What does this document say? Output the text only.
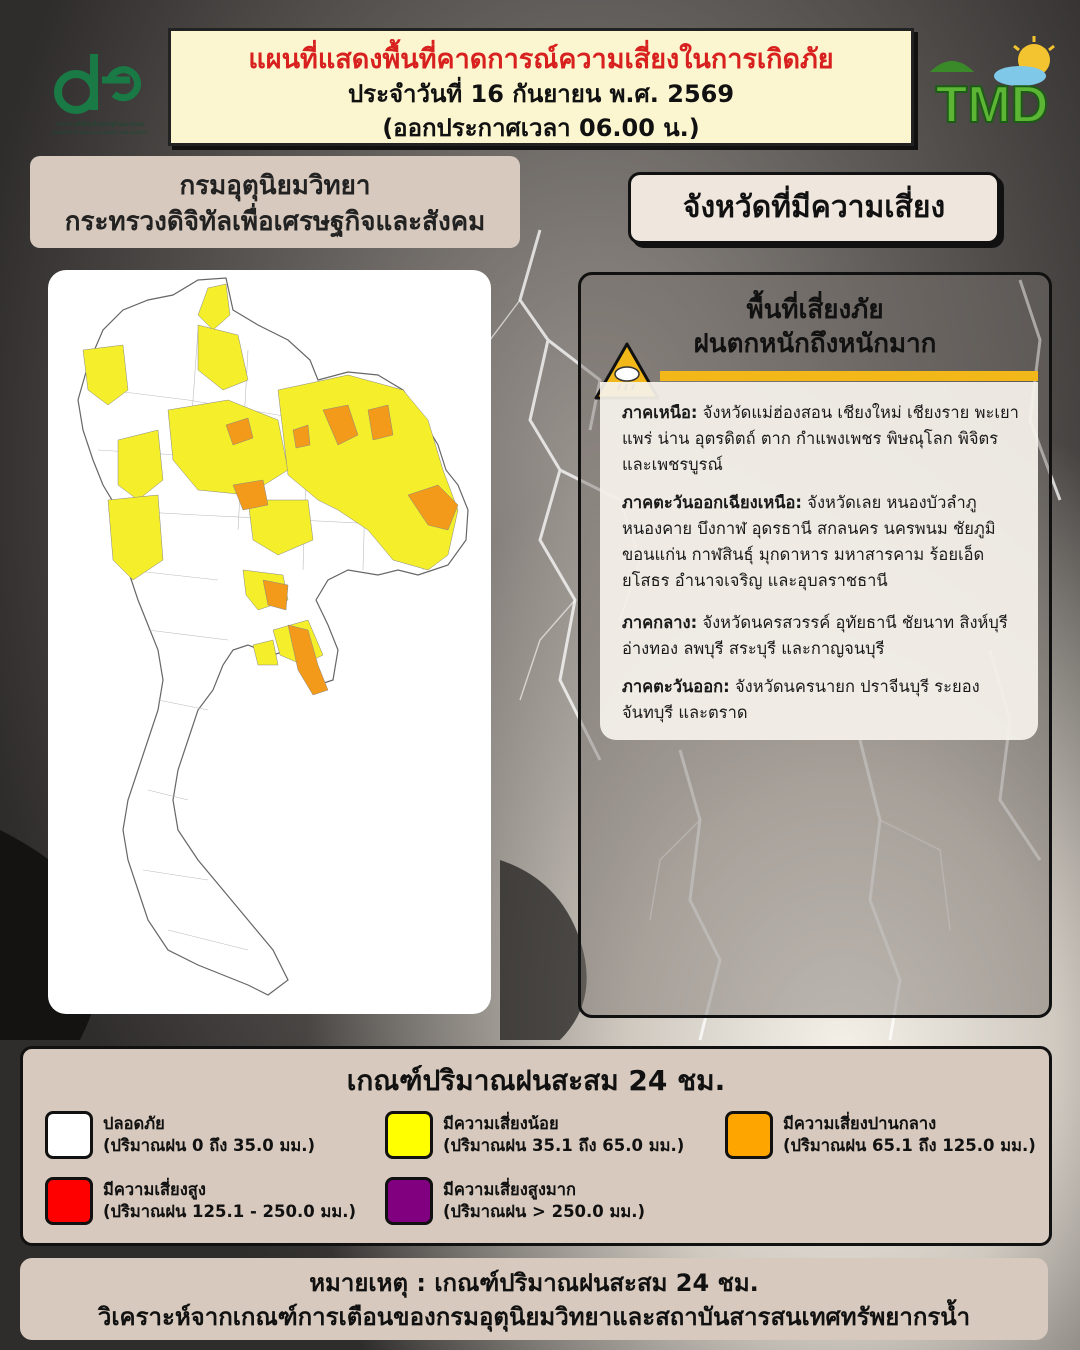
กระทรวงดิจิทัลเพื่อเศรษฐกิจและสังคม
MINISTRY OF DIGITAL ECONOMY AND SOCIETY
แผนที่แสดงพื้นที่คาดการณ์ความเสี่ยงในการเกิดภัย
ประจำวันที่ 16 กันยายน พ.ศ. 2569
(ออกประกาศเวลา 06.00 น.)	TMD
กรมอุตุนิยมวิทยา
กระทรวงดิจิทัลเพื่อเศรษฐกิจและสังคม	จังหวัดที่มีความเสี่ยง
พื้นที่เสี่ยงภัย
ฝนตกหนักถึงหนักมาก

ภาคเหนือ: จังหวัดแม่ฮ่องสอน เชียงใหม่ เชียงราย พะเยา แพร่ น่าน อุตรดิตถ์ ตาก กำแพงเพชร พิษณุโลก พิจิตร และเพชรบูรณ์

ภาคตะวันออกเฉียงเหนือ: จังหวัดเลย หนองบัวลำภู หนองคาย บึงกาฬ อุดรธานี สกลนคร นครพนม ชัยภูมิ ขอนแก่น กาฬสินธุ์ มุกดาหาร มหาสารคาม ร้อยเอ็ด ยโสธร อำนาจเจริญ และอุบลราชธานี

ภาคกลาง: จังหวัดนครสวรรค์ อุทัยธานี ชัยนาท สิงห์บุรี อ่างทอง ลพบุรี สระบุรี และกาญจนบุรี

ภาคตะวันออก: จังหวัดนครนายก ปราจีนบุรี ระยอง จันทบุรี และตราด

เกณฑ์ปริมาณฝนสะสม 24 ชม.
ปลอดภัย
(ปริมาณฝน 0 ถึง 35.0 มม.)
มีความเสี่ยงน้อย
(ปริมาณฝน 35.1 ถึง 65.0 มม.)
มีความเสี่ยงปานกลาง
(ปริมาณฝน 65.1 ถึง 125.0 มม.)
มีความเสี่ยงสูง
(ปริมาณฝน 125.1 - 250.0 มม.)
มีความเสี่ยงสูงมาก
(ปริมาณฝน > 250.0 มม.)
หมายเหตุ : เกณฑ์ปริมาณฝนสะสม 24 ชม.
วิเคราะห์จากเกณฑ์การเตือนของกรมอุตุนิยมวิทยาและสถาบันสารสนเทศทรัพยากรน้ำ
